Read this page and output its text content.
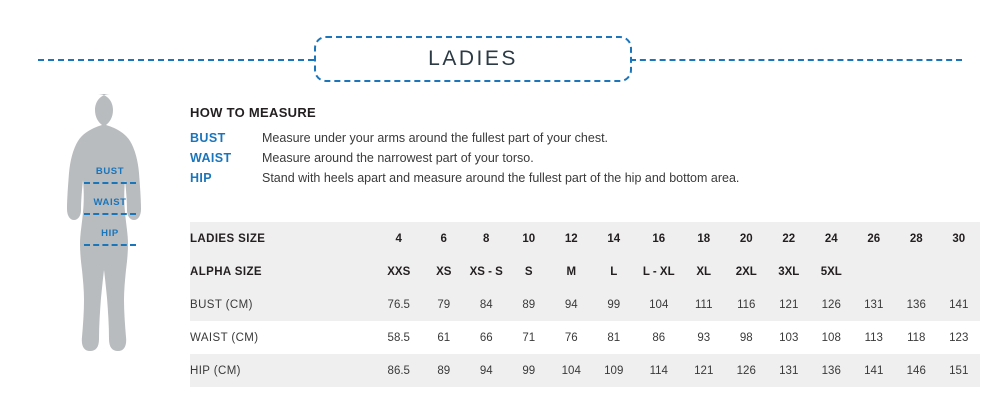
LADIES
BUST
WAIST
HIP
HOW TO MEASURE
BUST	Measure under your arms around the fullest part of your chest.
WAIST	Measure around the narrowest part of your torso.
HIP	Stand with heels apart and measure around the fullest part of the hip and bottom area.
LADIES SIZE	4	6	8	10	12	14	16	18	20	22	24	26	28	30
ALPHA SIZE	XXS	XS	XS - S	S	M	L	L - XL	XL	2XL	3XL	5XL			
BUST (CM)	76.5	79	84	89	94	99	104	111	116	121	126	131	136	141
WAIST (CM)	58.5	61	66	71	76	81	86	93	98	103	108	113	118	123
HIP (CM)	86.5	89	94	99	104	109	114	121	126	131	136	141	146	151
